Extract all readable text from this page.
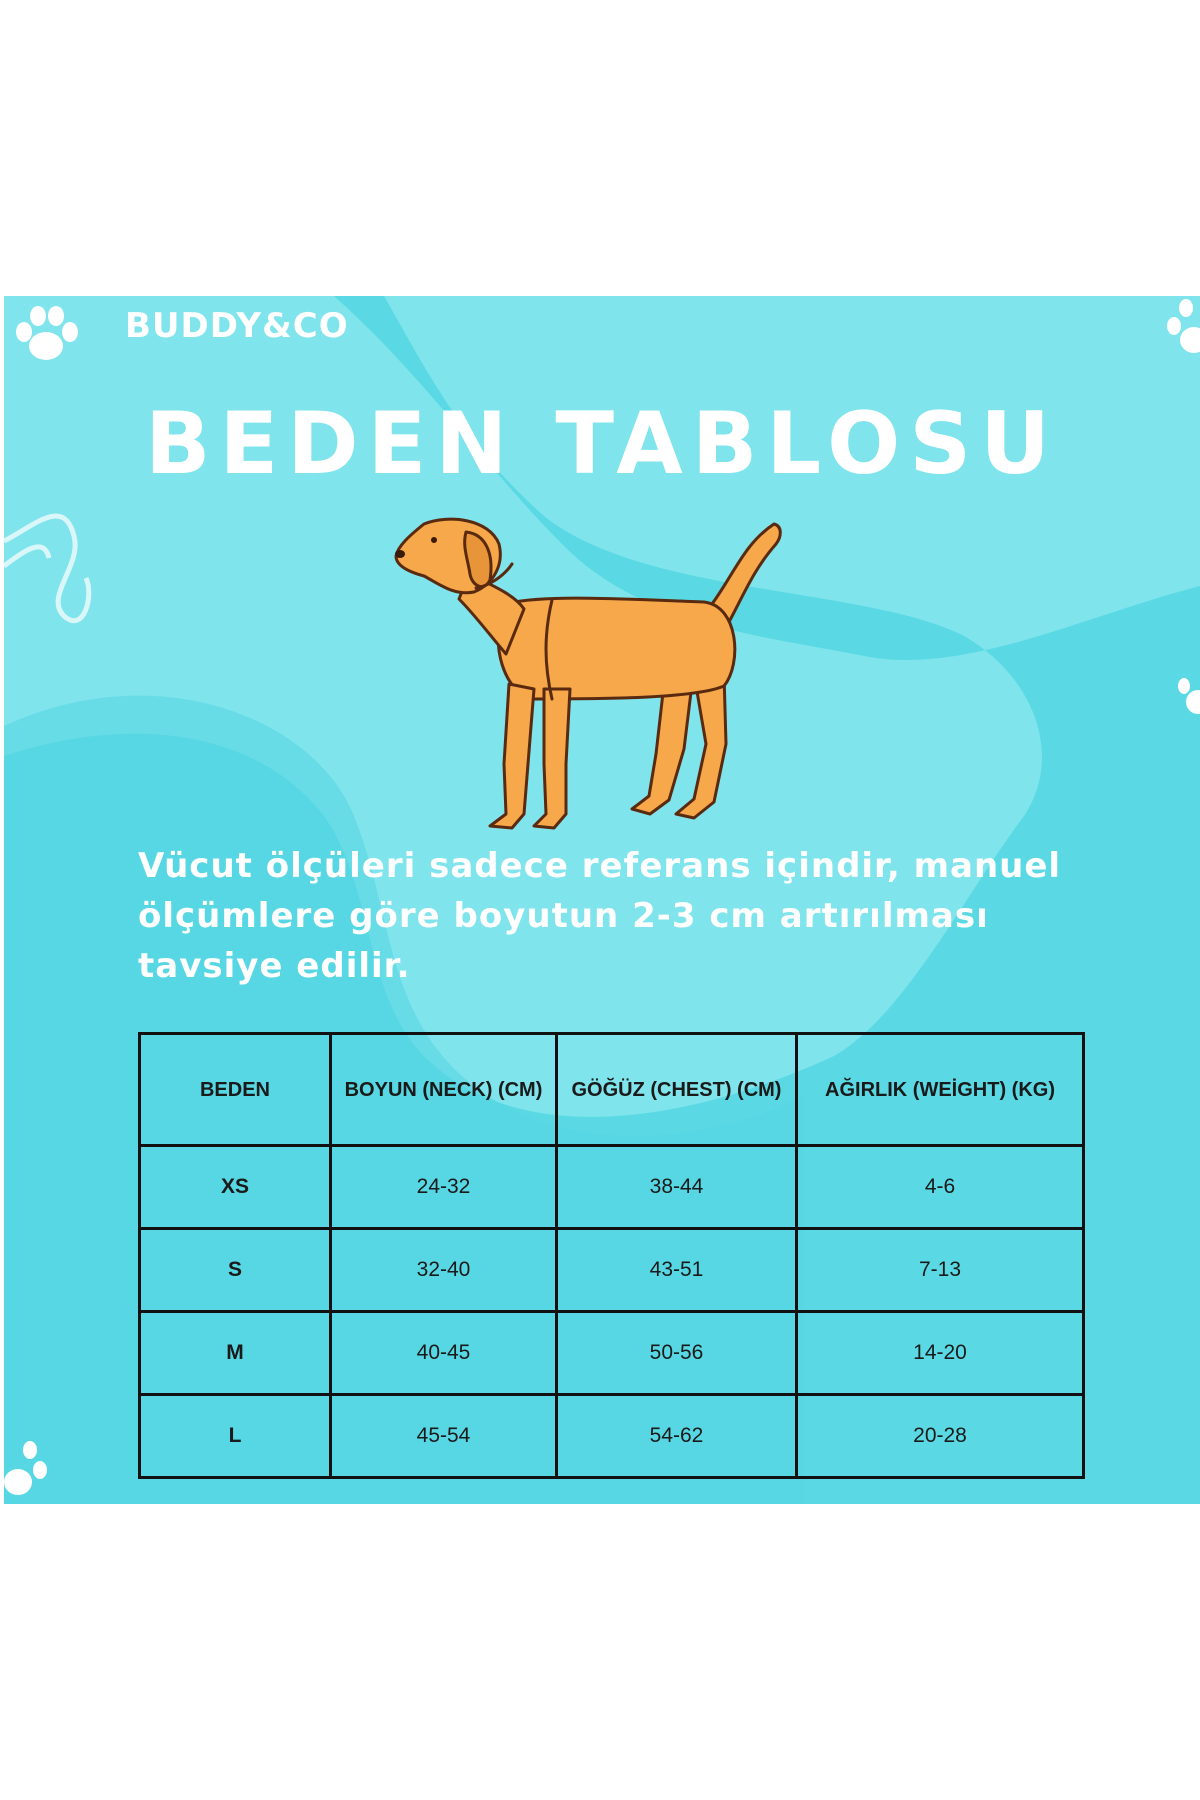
BUDDY&CO
BEDEN TABLOSU
Vücut ölçüleri sadece referans içindir, manuel ölçümlere göre boyutun 2-3 cm artırılması tavsiye edilir.
BEDEN	BOYUN (NECK) (CM)	GÖĞÜZ (CHEST) (CM)	AĞIRLIK (WEİGHT) (KG)
XS	24-32	38-44	4-6
S	32-40	43-51	7-13
M	40-45	50-56	14-20
L	45-54	54-62	20-28
